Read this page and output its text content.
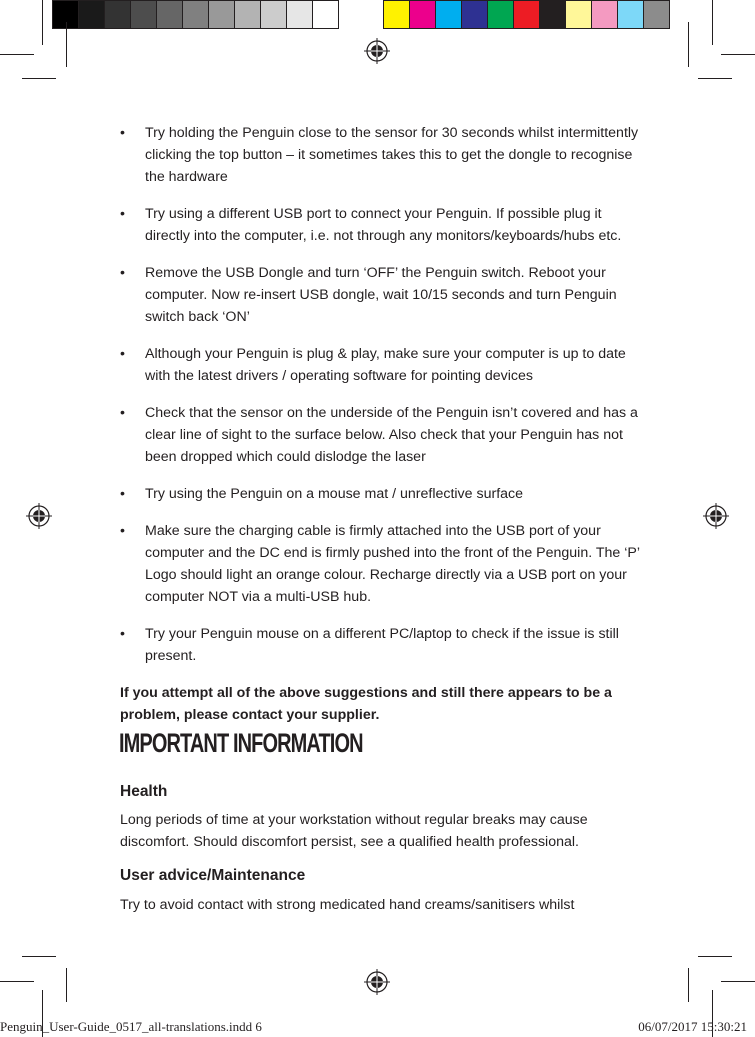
• Try holding the Penguin close to the sensor for 30 seconds whilst intermittently clicking the top button – it sometimes takes this to get the dongle to recognise the hardware
• Try using a different USB port to connect your Penguin. If possible plug it directly into the computer, i.e. not through any monitors/keyboards/hubs etc.
• Remove the USB Dongle and turn ‘OFF’ the Penguin switch. Reboot your computer. Now re-insert USB dongle, wait 10/15 seconds and turn Penguin switch back ‘ON’
• Although your Penguin is plug & play, make sure your computer is up to date with the latest drivers / operating software for pointing devices
• Check that the sensor on the underside of the Penguin isn’t covered and has a clear line of sight to the surface below. Also check that your Penguin has not been dropped which could dislodge the laser
• Try using the Penguin on a mouse mat / unreflective surface
• Make sure the charging cable is firmly attached into the USB port of your computer and the DC end is firmly pushed into the front of the Penguin. The ‘P’ Logo should light an orange colour. Recharge directly via a USB port on your computer NOT via a multi-USB hub.
• Try your Penguin mouse on a different PC/laptop to check if the issue is still present.

If you attempt all of the above suggestions and still there appears to be a problem, please contact your supplier.

IMPORTANT INFORMATION
Health

Long periods of time at your workstation without regular breaks may cause discomfort. Should discomfort persist, see a qualified health professional.

User advice/Maintenance

Try to avoid contact with strong medicated hand creams/sanitisers whilst

Penguin_User-Guide_0517_all-translations.indd 6	06/07/2017 15:30:21
